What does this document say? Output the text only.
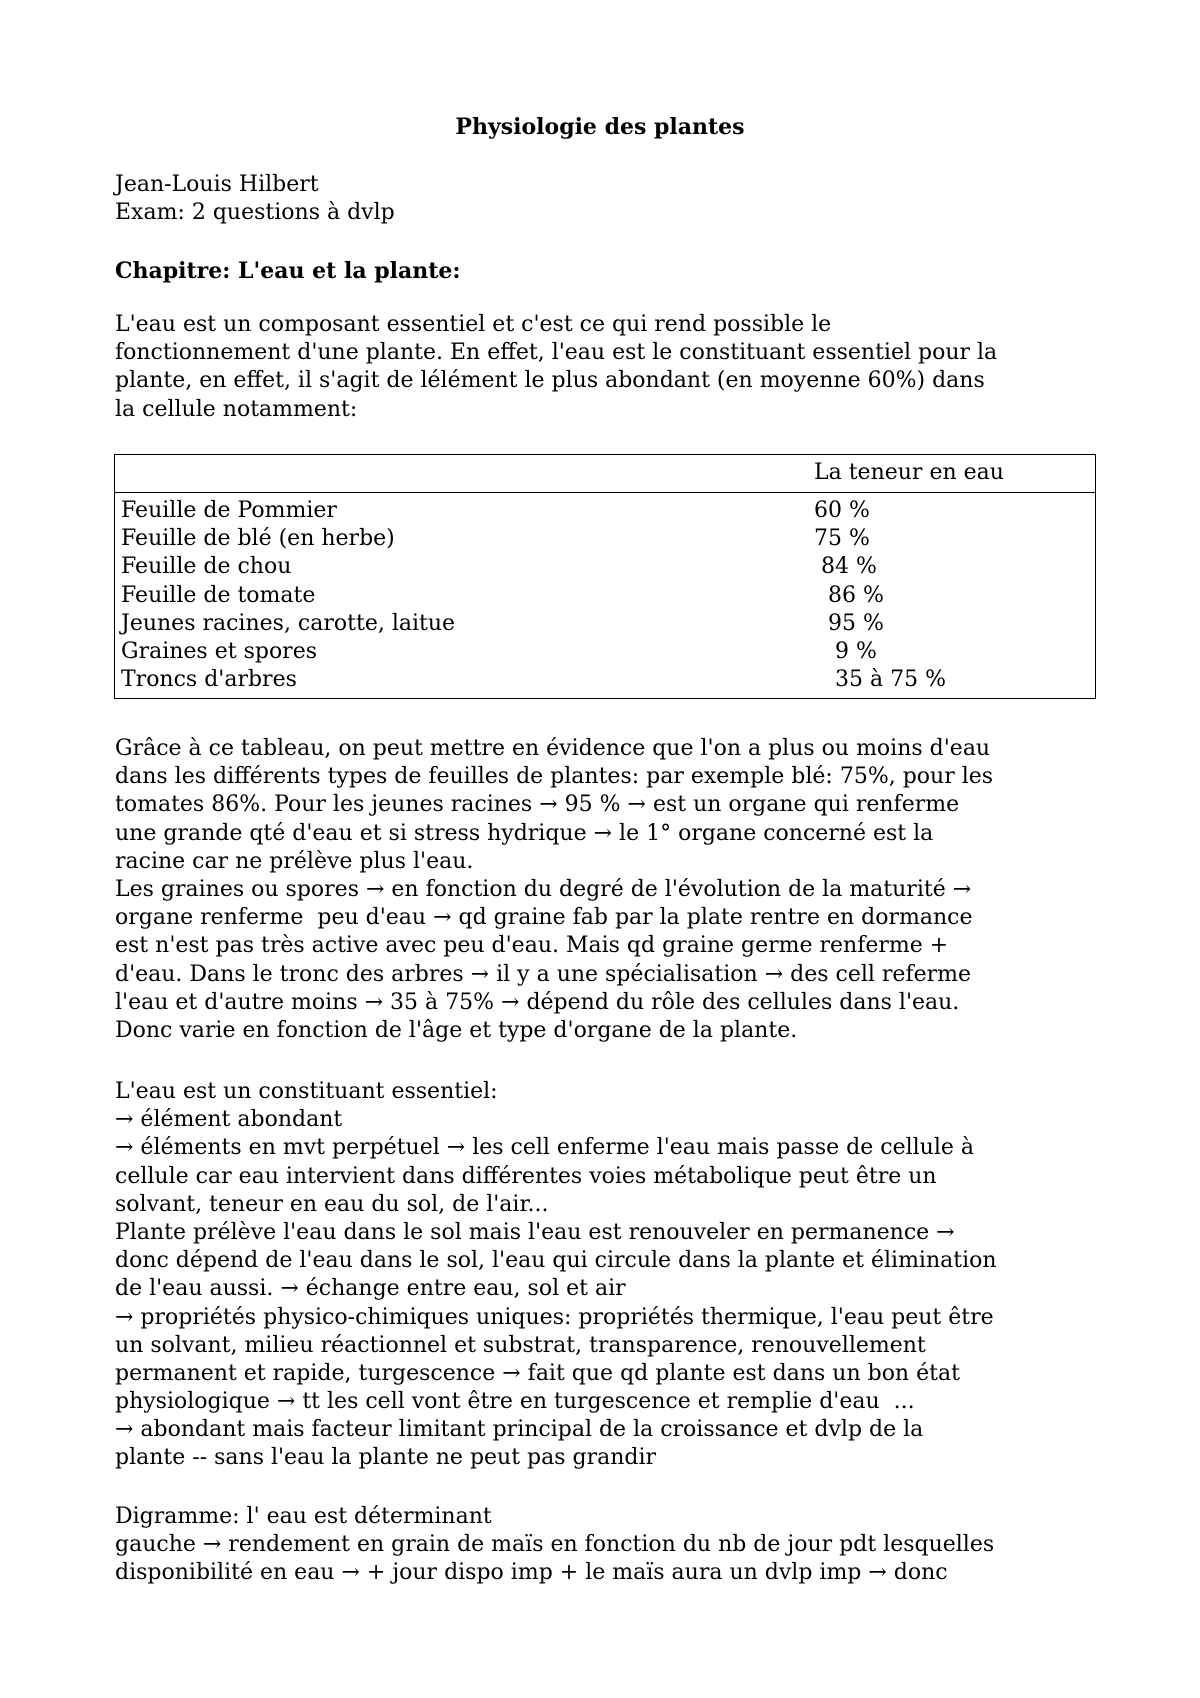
Physiologie des plantes
Jean-Louis Hilbert
Exam: 2 questions à dvlp
Chapitre: L'eau et la plante:
L'eau est un composant essentiel et c'est ce qui rend possible le
fonctionnement d'une plante. En effet, l'eau est le constituant essentiel pour la
plante, en effet, il s'agit de lélément le plus abondant (en moyenne 60%) dans
la cellule notamment:
	La teneur en eau
Feuille de Pommier	60 %
Feuille de blé (en herbe)	75 %
Feuille de chou	84 %
Feuille de tomate	86 %
Jeunes racines, carotte, laitue	95 %
Graines et spores	9 %
Troncs d'arbres	35 à 75 %
Grâce à ce tableau, on peut mettre en évidence que l'on a plus ou moins d'eau
dans les différents types de feuilles de plantes: par exemple blé: 75%, pour les
tomates 86%. Pour les jeunes racines → 95 % → est un organe qui renferme
une grande qté d'eau et si stress hydrique → le 1° organe concerné est la
racine car ne prélève plus l'eau.
Les graines ou spores → en fonction du degré de l'évolution de la maturité →
organe renferme  peu d'eau → qd graine fab par la plate rentre en dormance
est n'est pas très active avec peu d'eau. Mais qd graine germe renferme +
d'eau. Dans le tronc des arbres → il y a une spécialisation → des cell referme
l'eau et d'autre moins → 35 à 75% → dépend du rôle des cellules dans l'eau.
Donc varie en fonction de l'âge et type d'organe de la plante.
L'eau est un constituant essentiel:
→ élément abondant
→ éléments en mvt perpétuel → les cell enferme l'eau mais passe de cellule à
cellule car eau intervient dans différentes voies métabolique peut être un
solvant, teneur en eau du sol, de l'air...
Plante prélève l'eau dans le sol mais l'eau est renouveler en permanence →
donc dépend de l'eau dans le sol, l'eau qui circule dans la plante et élimination
de l'eau aussi. → échange entre eau, sol et air
→ propriétés physico-chimiques uniques: propriétés thermique, l'eau peut être
un solvant, milieu réactionnel et substrat, transparence, renouvellement
permanent et rapide, turgescence → fait que qd plante est dans un bon état
physiologique → tt les cell vont être en turgescence et remplie d'eau  ...
→ abondant mais facteur limitant principal de la croissance et dvlp de la
plante -- sans l'eau la plante ne peut pas grandir
Digramme: l' eau est déterminant
gauche → rendement en grain de maïs en fonction du nb de jour pdt lesquelles
disponibilité en eau → + jour dispo imp + le maïs aura un dvlp imp → donc
